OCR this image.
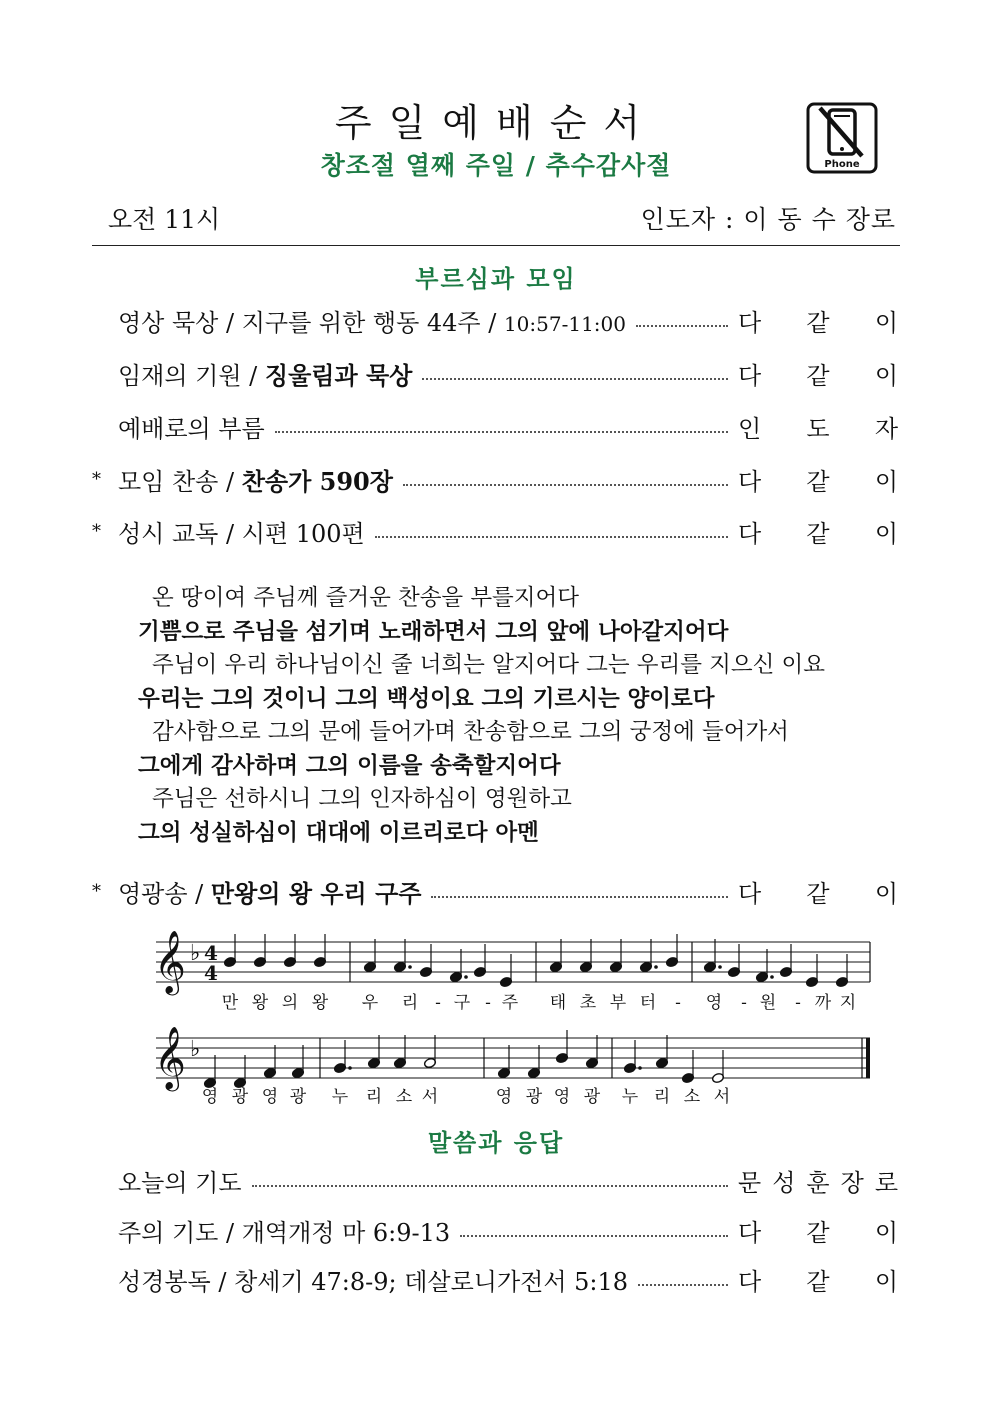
주일예배순서
창조절 열째 주일 / 추수감사절	Phone
오전 11시	인도자 : 이 동 수 장로
부르심과 모임
영상 묵상 / 지구를 위한 행동 44주 / 10:57-11:00	다 같 이
임재의 기원 / 징울림과 묵상	다 같 이
예배로의 부름	인 도 자
* 모임 찬송 / 찬송가 590장	다 같 이
* 성시 교독 / 시편 100편	다 같 이
온 땅이여 주님께 즐거운 찬송을 부를지어다
기쁨으로 주님을 섬기며 노래하면서 그의 앞에 나아갈지어다
주님이 우리 하나님이신 줄 너희는 알지어다 그는 우리를 지으신 이요
우리는 그의 것이니 그의 백성이요 그의 기르시는 양이로다
감사함으로 그의 문에 들어가며 찬송함으로 그의 궁정에 들어가서
그에게 감사하며 그의 이름을 송축할지어다
주님은 선하시니 그의 인자하심이 영원하고
그의 성실하심이 대대에 이르리로다 아멘
* 영광송 / 만왕의 왕 우리 구주	다 같 이
𝄞 ♭ 4
4
만 왕 의 왕 우 리 - 구 - 주 태 초 부 터 - 영 - 원 - 까 지
𝄞 ♭
영 광 영 광 누 리 소 서	영 광 영 광 누 리 소 서
말씀과 응답
오늘의 기도	문 성 훈 장 로
주의 기도 / 개역개정 마 6:9-13	다 같 이
성경봉독 / 창세기 47:8-9; 데살로니가전서 5:18	다 같 이
